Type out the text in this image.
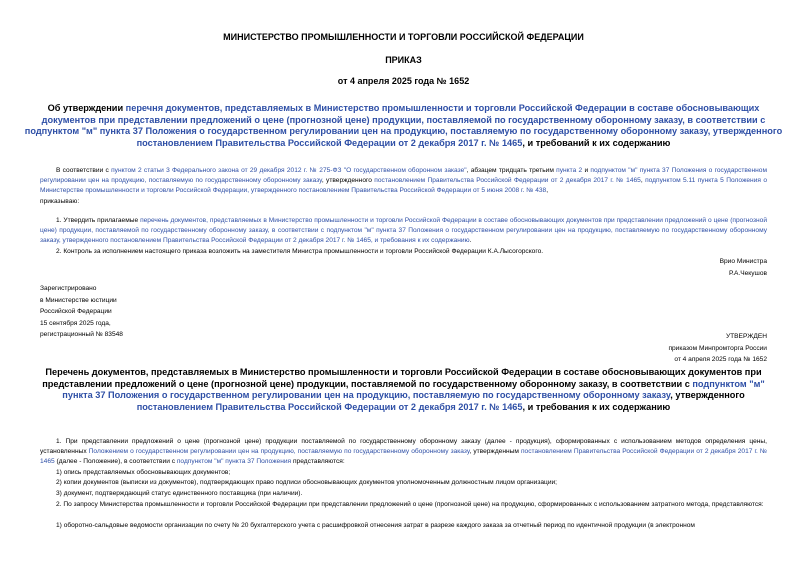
МИНИСТЕРСТВО ПРОМЫШЛЕННОСТИ И ТОРГОВЛИ РОССИЙСКОЙ ФЕДЕРАЦИИ
ПРИКАЗ
от 4 апреля 2025 года № 1652
Об утверждении перечня документов, представляемых в Министерство промышленности и торговли Российской Федерации в составе обосновывающих документов при представлении предложений о цене (прогнозной цене) продукции, поставляемой по государственному оборонному заказу, в соответствии с подпунктом "м" пункта 37 Положения о государственном регулировании цен на продукцию, поставляемую по государственному оборонному заказу, утвержденного постановлением Правительства Российской Федерации от 2 декабря 2017 г. № 1465, и требований к их содержанию
В соответствии с пунктом 2 статьи 3 Федерального закона от 29 декабря 2012 г. № 275-ФЗ "О государственном оборонном заказе", абзацем тридцать третьим пункта 2 и подпунктом "м" пункта 37 Положения о государственном регулировании цен на продукцию, поставляемую по государственному оборонному заказу, утвержденного постановлением Правительства Российской Федерации от 2 декабря 2017 г. № 1465, подпунктом 5.11 пункта 5 Положения о Министерстве промышленности и торговли Российской Федерации, утвержденного постановлением Правительства Российской Федерации от 5 июня 2008 г. № 438,
приказываю:
1. Утвердить прилагаемые перечень документов, представляемых в Министерство промышленности и торговли Российской Федерации в составе обосновывающих документов при представлении предложений о цене (прогнозной цене) продукции, поставляемой по государственному оборонному заказу, в соответствии с подпунктом "м" пункта 37 Положения о государственном регулировании цен на продукцию, поставляемую по государственному оборонному заказу, утвержденного постановлением Правительства Российской Федерации от 2 декабря 2017 г. № 1465, и требования к их содержанию.
2. Контроль за исполнением настоящего приказа возложить на заместителя Министра промышленности и торговли Российской Федерации К.А.Лысогорского.
Врио Министра
Р.А.Чекушов
Зарегистрировано
в Министерстве юстиции
Российской Федерации
15 сентября 2025 года,
регистрационный № 83548	УТВЕРЖДЕН
приказом Минпромторга России
от 4 апреля 2025 года № 1652
Перечень документов, представляемых в Министерство промышленности и торговли Российской Федерации в составе обосновывающих документов при представлении предложений о цене (прогнозной цене) продукции, поставляемой по государственному оборонному заказу, в соответствии с подпунктом "м" пункта 37 Положения о государственном регулировании цен на продукцию, поставляемую по государственному оборонному заказу, утвержденного постановлением Правительства Российской Федерации от 2 декабря 2017 г. № 1465, и требования к их содержанию
1. При представлении предложений о цене (прогнозной цене) продукции поставляемой по государственному оборонному заказу (далее - продукция), сформированных с использованием методов определения цены, установленных Положением о государственном регулировании цен на продукцию, поставляемую по государственному оборонному заказу, утвержденным постановлением Правительства Российской Федерации от 2 декабря 2017 г. № 1465 (далее - Положение), в соответствии с подпунктом "м" пункта 37 Положения представляются:
1) опись представляемых обосновывающих документов;
2) копии документов (выписки из документов), подтверждающих право подписи обосновывающих документов уполномоченным должностным лицом организации;
3) документ, подтверждающий статус единственного поставщика (при наличии).
2. По запросу Министерства промышленности и торговли Российской Федерации при представлении предложений о цене (прогнозной цене) на продукцию, сформированных с использованием затратного метода, представляются:
1) оборотно-сальдовые ведомости организации по счету № 20 бухгалтерского учета с расшифровкой отнесения затрат в разрезе каждого заказа за отчетный период по идентичной продукции (в электронном
